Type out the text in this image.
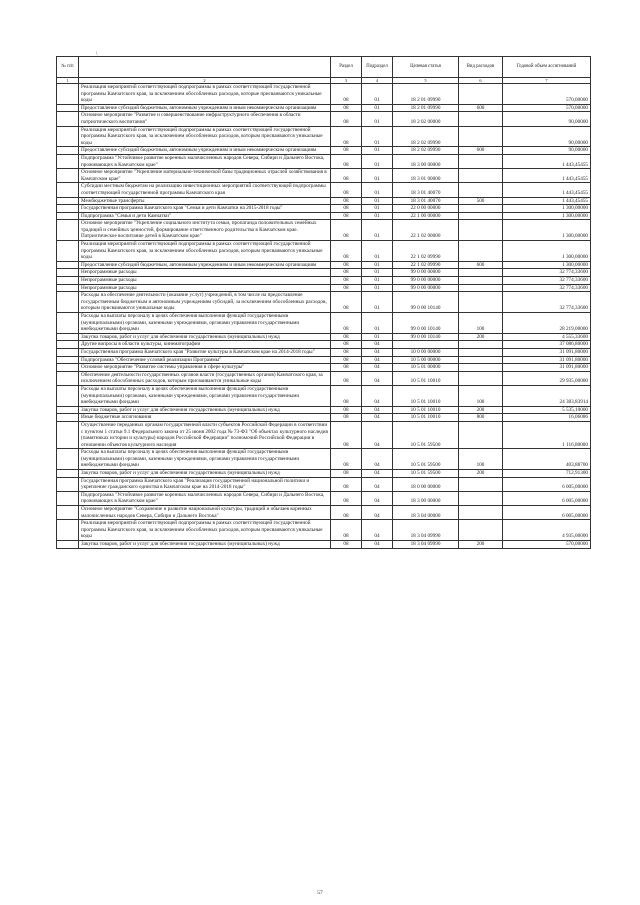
\
№ п/п		Раздел	Подраздел	Целевая статья	Вид расходов	Годовой объем ассигнований
1	2	3	4	5	6	7
	Реализация мероприятий соответствующей подпрограммы в рамках соответствующей государственной программы Камчатского края, за исключением обособленных расходов, которые присваиваются уникальные коды	08	01	18 2 01 09990		570,00000
	Предоставление субсидий бюджетным, автономным учреждениям и иным некоммерческим организациям	08	01	18 2 01 09990	600	570,00000
	Основное мероприятие "Развитие и совершенствование инфраструктурного обеспечения в области патриотического воспитания"	08	01	18 2 02 00000		90,00000
	Реализация мероприятий соответствующей подпрограммы в рамках соответствующей государственной программы Камчатского края, за исключением обособленных расходов, которым присваиваются уникальные коды	08	01	18 2 02 09990		90,00000
	Предоставление субсидий бюджетным, автономным учреждениям и иным некоммерческим организациям	08	01	18 2 02 09990	600	90,00000
	Подпрограмма "Устойчивое развитие коренных малочисленных народов Севера, Сибири и Дальнего Востока, проживающих в Камчатском крае"	08	01	18 3 00 00000		1 443,45455
	Основное мероприятие "Укрепление материально-технической базы традиционных отраслей хозяйствования в Камчатском крае"	08	01	18 3 01 00000		1 443,45455
	Субсидии местным бюджетам на реализацию инвестиционных мероприятий соответствующей подпрограммы соответствующей государственной программы Камчатского края	08	01	18 3 01 40070		1 443,45455
	Межбюджетные трансферты	08	01	18 3 01 40070	500	1 443,45455
	Государственная программа Камчатского края "Семья и дети Камчатки на 2015-2018 годы"	08	01	22 0 00 00000		1 300,00000
	Подпрограмма "Семья и дети Камчатки"	08	01	22 1 00 00000		1 300,00000
	Основное мероприятие "Укрепление социального института семьи, пропаганда положительных семейных традиций и семейных ценностей, формирование ответственного родительства в Камчатском крае. Патриотическое воспитание детей в Камчатском крае"	08	01	22 1 02 00000		1 300,00000
	Реализация мероприятий соответствующей подпрограммы в рамках соответствующей государственной программы Камчатского края, за исключением обособленных расходов, которым присваиваются уникальные коды	08	01	22 1 02 09990		1 300,00000
	Предоставление субсидий бюджетным, автономным учреждениям и иным некоммерческим организациям	08	01	22 1 02 09990	600	1 300,00000
	Непрограммные расходы	08	01	99 0 00 00000		32 774,33600
	Непрограммные расходы	08	01	99 0 00 00000		32 774,33600
	Непрограммные расходы	08	01	99 0 00 00000		32 774,33600
	Расходы на обеспечение деятельности (оказание услуг) учреждений, в том числе на предоставление государственным бюджетным и автономным учреждениям субсидий, за исключением обособленных расходов, которым присваиваются уникальные коды	08	01	99 0 00 10140		32 774,33600
	Расходы на выплаты персоналу в целях обеспечения выполнения функций государственными (муниципальными) органами, казенными учреждениями, органами управления государственными внебюджетными фондами	08	01	99 0 00 10140	100	28 219,00000
	Закупка товаров, работ и услуг для обеспечения государственных (муниципальных) нужд	08	01	99 0 00 10140	200	4 555,33600
	Другие вопросы в области культуры, кинематографии	08	04			37 086,80000
	Государственная программа Камчатского края "Развитие культуры в Камчатском крае на 2014-2018 годы"	08	04	10 0 00 00000		31 091,80000
	Подпрограмма "Обеспечение условий реализации Программы"	08	04	10 5 00 00000		31 091,80000
	Основное мероприятие "Развитие системы управления в сфере культуры"	08	04	10 5 01 00000		31 091,80000
	Обеспечение деятельности государственных органов власти (государственных органов) Камчатского края, за исключением обособленных расходов, которым присваиваются уникальные коды	08	04	10 5 01 10010		29 935,00000
	Расходы на выплаты персоналу в целях обеспечения выполнения функций государственными (муниципальными) органами, казенными учреждениями, органами управления государственными внебюджетными фондами	08	04	10 5 01 10010	100	24 383,83914
	Закупка товаров, работ и услуг для обеспечения государственных (муниципальных) нужд	08	04	10 5 01 10010	200	5 535,10000
	Иные бюджетные ассигнования	08	04	10 5 01 10010	800	16,06086
	Осуществление переданных органам государственной власти субъектов Российской Федерации в соответствии с пунктом 1 статьи 9.1 Федерального закона от 25 июня 2002 года № 73-ФЗ "Об объектах культурного наследия (памятниках истории и культуры) народов Российской Федерации" полномочий Российской Федерации в отношении объектов культурного наследия	08	04	10 5 01 59500		1 116,80000
	Расходы на выплаты персоналу в целях обеспечения выполнения функций государственными (муниципальными) органами, казенными учреждениями, органами управления государственными внебюджетными фондами	08	04	10 5 01 59500	100	403,88700
	Закупка товаров, работ и услуг для обеспечения государственных (муниципальных) нужд	08	04	10 5 01 59500	200	712,91300
	Государственная программа Камчатского края "Реализация государственной национальной политики и укрепление гражданского единства в Камчатском крае на 2014-2018 годы"	08	04	18 0 00 00000		6 005,00000
	Подпрограмма "Устойчивое развитие коренных малочисленных народов Севера, Сибири и Дальнего Востока, проживающих в Камчатском крае"	08	04	18 3 00 00000		6 005,00000
	Основное мероприятие "Сохранение и развитие национальной культуры, традиций и обычаев коренных малочисленных народов Севера, Сибири и Дальнего Востока"	08	04	18 3 04 00000		6 005,00000
	Реализация мероприятий соответствующей подпрограммы в рамках соответствующей государственной программы Камчатского края, за исключением обособленных расходов, которым присваиваются уникальные коды	08	04	18 3 04 09990		4 935,00000
	Закупка товаров, работ и услуг для обеспечения государственных (муниципальных) нужд	08	04	18 3 04 09990	200	570,00000
57
